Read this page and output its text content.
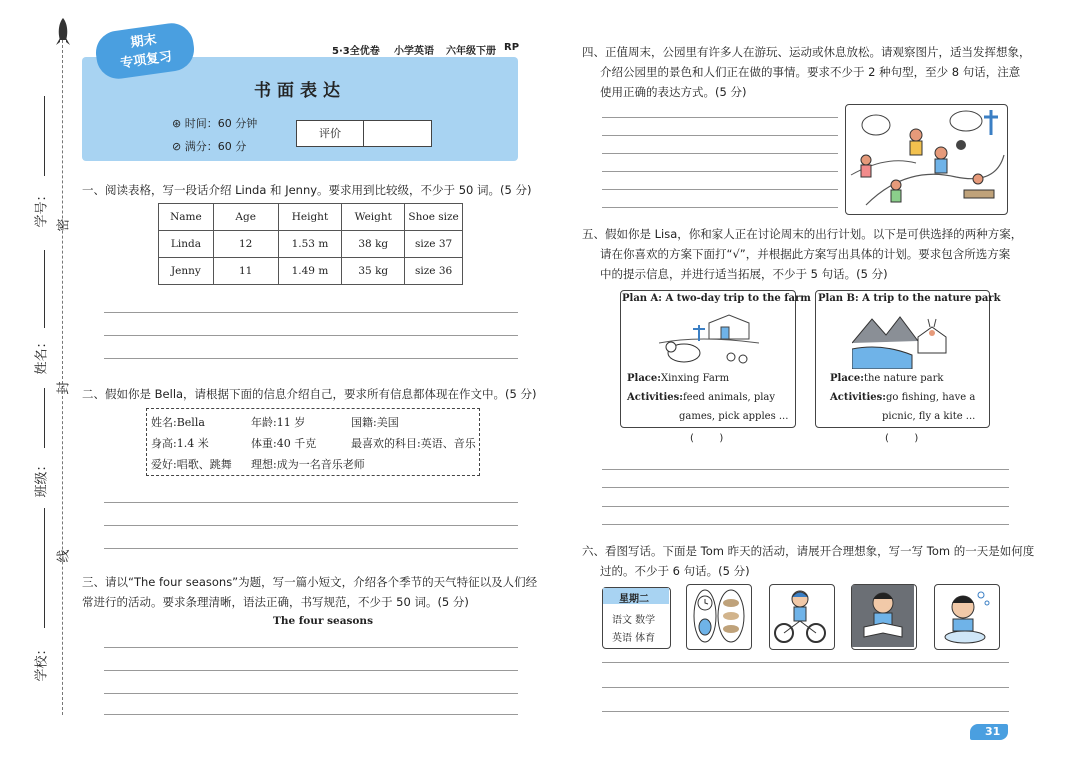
密
封
线
学号：
姓名：
班级：
学校：
期末
专项复习	5·3全优卷 小学英语 六年级下册 RP
书面表达
⊛ 时间：60 分钟
⊘ 满分：60 分
评价
一、阅读表格，写一段话介绍 Linda 和 Jenny。要求用到比较级，不少于 50 词。(5 分)
Name	Age	Height	Weight	Shoe size
Linda	12	1.53 m	38 kg	size 37
Jenny	11	1.49 m	35 kg	size 36
二、假如你是 Bella，请根据下面的信息介绍自己，要求所有信息都体现在作文中。(5 分)
姓名:Bella	年龄:11 岁	国籍:美国
身高:1.4 米	体重:40 千克	最喜欢的科目:英语、音乐
爱好:唱歌、跳舞 理想:成为一名音乐老师
三、请以“The four seasons”为题，写一篇小短文，介绍各个季节的天气特征以及人们经
常进行的活动。要求条理清晰，语法正确，书写规范，不少于 50 词。(5 分)
The four seasons
四、正值周末，公园里有许多人在游玩、运动或休息放松。请观察图片，适当发挥想象，
介绍公园里的景色和人们正在做的事情。要求不少于 2 种句型，至少 8 句话，注意
使用正确的表达方式。(5 分)
五、假如你是 Lisa，你和家人正在讨论周末的出行计划。以下是可供选择的两种方案，
请在你喜欢的方案下面打“√”，并根据此方案写出具体的计划。要求包含所选方案
中的提示信息，并进行适当拓展，不少于 5 句话。(5 分)
Plan A: A two-day trip to the farm
Place:Xinxing Farm
Activities:feed animals, play
games, pick apples ...
Plan B: A trip to the nature park
Place:the nature park
Activities:go fishing, have a
picnic, fly a kite ...
(        )	(        )
六、看图写话。下面是 Tom 昨天的活动，请展开合理想象，写一写 Tom 的一天是如何度
过的。不少于 6 句话。(5 分)
星期二
语文 数学
英语 体育
31
